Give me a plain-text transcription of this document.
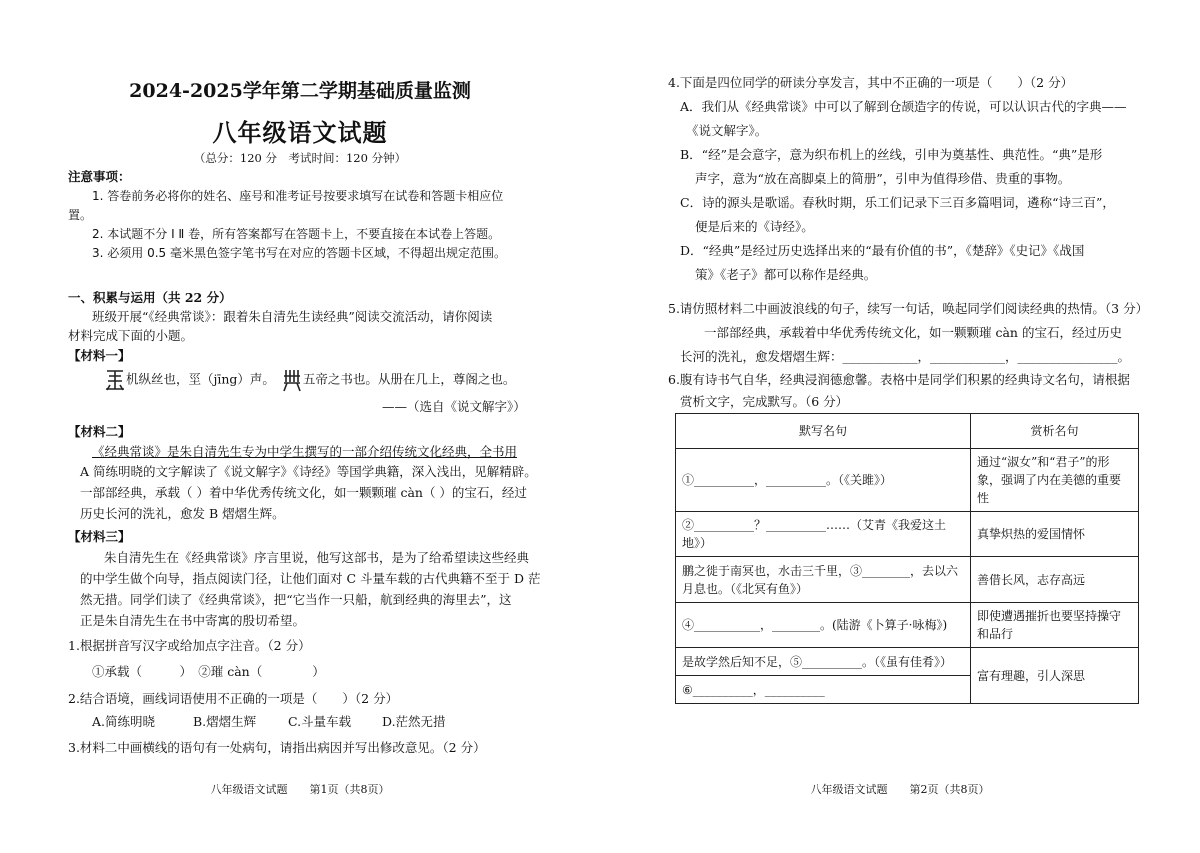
2024-2025学年第二学期基础质量监测
八年级语文试题
（总分：120 分　考试时间：120 分钟）
注意事项：
1. 答卷前务必将你的姓名、座号和准考证号按要求填写在试卷和答题卡相应位
置。
2. 本试题不分 Ⅰ Ⅱ 卷，所有答案都写在答题卡上，不要直接在本试卷上答题。
3. 必须用 0.5 毫米黑色签字笔书写在对应的答题卡区域，不得超出规定范围。
一、积累与运用（共 22 分）
班级开展“《经典常谈》：跟着朱自清先生读经典”阅读交流活动，请你阅读
材料完成下面的小题。
【材料一】
机纵丝也，坙（jīng）声。 五帝之书也。从册在几上，尊阁之也。
——（选自《说文解字》）
【材料二】
《经典常谈》是朱自清先生专为中学生撰写的一部介绍传统文化经典，全书用
A 简练明晓的文字解读了《说文解字》《诗经》等国学典籍，深入浅出，见解精辟。
一部部经典，承载（ ）着中华优秀传统文化，如一颗颗璀 càn（ ）的宝石，经过
历史长河的洗礼，愈发 B 熠熠生辉。
【材料三】
朱自清先生在《经典常谈》序言里说，他写这部书，是为了给希望读这些经典
的中学生做个向导，指点阅读门径，让他们面对 C 斗量车载的古代典籍不至于 D 茫
然无措。同学们读了《经典常谈》，把“它当作一只船，航到经典的海里去”，这
正是朱自清先生在书中寄寓的殷切希望。
1.根据拼音写汉字或给加点字注音。（2 分）
①承载（　　　）　②璀 càn（　　　　）
2.结合语境，画线词语使用不正确的一项是（　　）（2 分）
A.简练明晓	B.熠熠生辉	C.斗量车载 D.茫然无措
3.材料二中画横线的语句有一处病句，请指出病因并写出修改意见。（2 分）
八年级语文试题　　第1页（共8页）
4.下面是四位同学的研读分享发言，其中不正确的一项是（　　）（2 分）
A．我们从《经典常谈》中可以了解到仓颉造字的传说，可以认识古代的字典——
《说文解字》。
B．“经”是会意字，意为织布机上的丝线，引申为奠基性、典范性。“典”是形
声字，意为“放在高脚桌上的简册”，引申为值得珍借、贵重的事物。
C．诗的源头是歌谣。春秋时期，乐工们记录下三百多篇唱词，遴称“诗三百”，
便是后来的《诗经》。
D．“经典”是经过历史选择出来的“最有价值的书”，《楚辞》《史记》《战国
策》《老子》都可以称作是经典。
5.请仿照材料二中画波浪线的句子，续写一句话，唤起同学们阅读经典的热情。（3 分）
一部部经典，承载着中华优秀传统文化，如一颗颗璀 càn 的宝石，经过历史
长河的洗礼，愈发熠熠生辉：____________，____________，________________。
6.腹有诗书气自华，经典浸润德愈馨。表格中是同学们积累的经典诗文名句，请根据
赏析文字，完成默写。（6 分）
默写名句	赏析名句
①__________，__________。（《关雎》）	通过“淑女”和“君子”的形象，强调了内在美德的重要性
②__________？__________……（艾青《我爱这土地》）	真挚炽热的爱国情怀
鹏之徙于南冥也，水击三千里，③________，去以六月息也。（《北冥有鱼》）	善借长风，志存高远
④___________，________。(陆游《卜算子·咏梅》)	即使遭遇摧折也要坚持操守和品行
是故学然后知不足，⑤__________。（《虽有佳肴》）	富有理趣，引人深思
⑥__________，__________	
八年级语文试题　　第2页（共8页）
